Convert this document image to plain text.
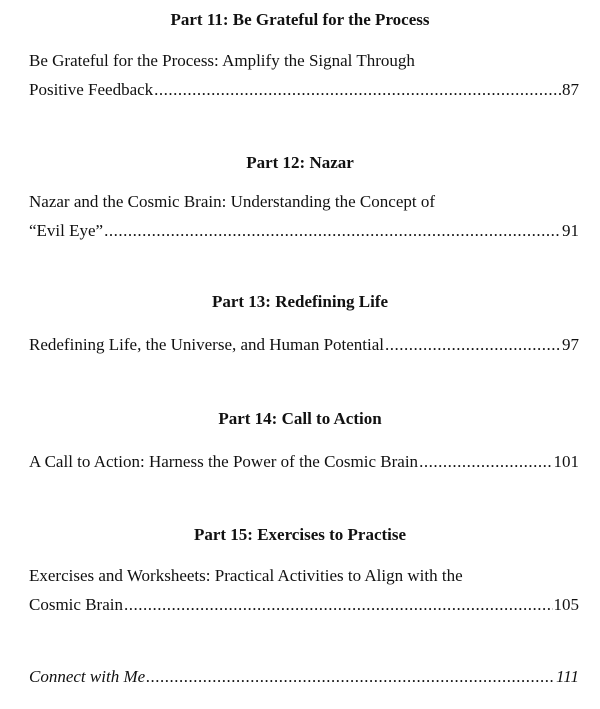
Part 11: Be Grateful for the Process
Be Grateful for the Process: Amplify the Signal Through
Positive Feedback .....	87
Part 12: Nazar
Nazar and the Cosmic Brain: Understanding the Concept of
“Evil Eye” .....	91
Part 13: Redefining Life
Redefining Life, the Universe, and Human Potential .....	97
Part 14: Call to Action
A Call to Action: Harness the Power of the Cosmic Brain .....	101
Part 15: Exercises to Practise
Exercises and Worksheets: Practical Activities to Align with the
Cosmic Brain .....	105
Connect with Me .....	111
